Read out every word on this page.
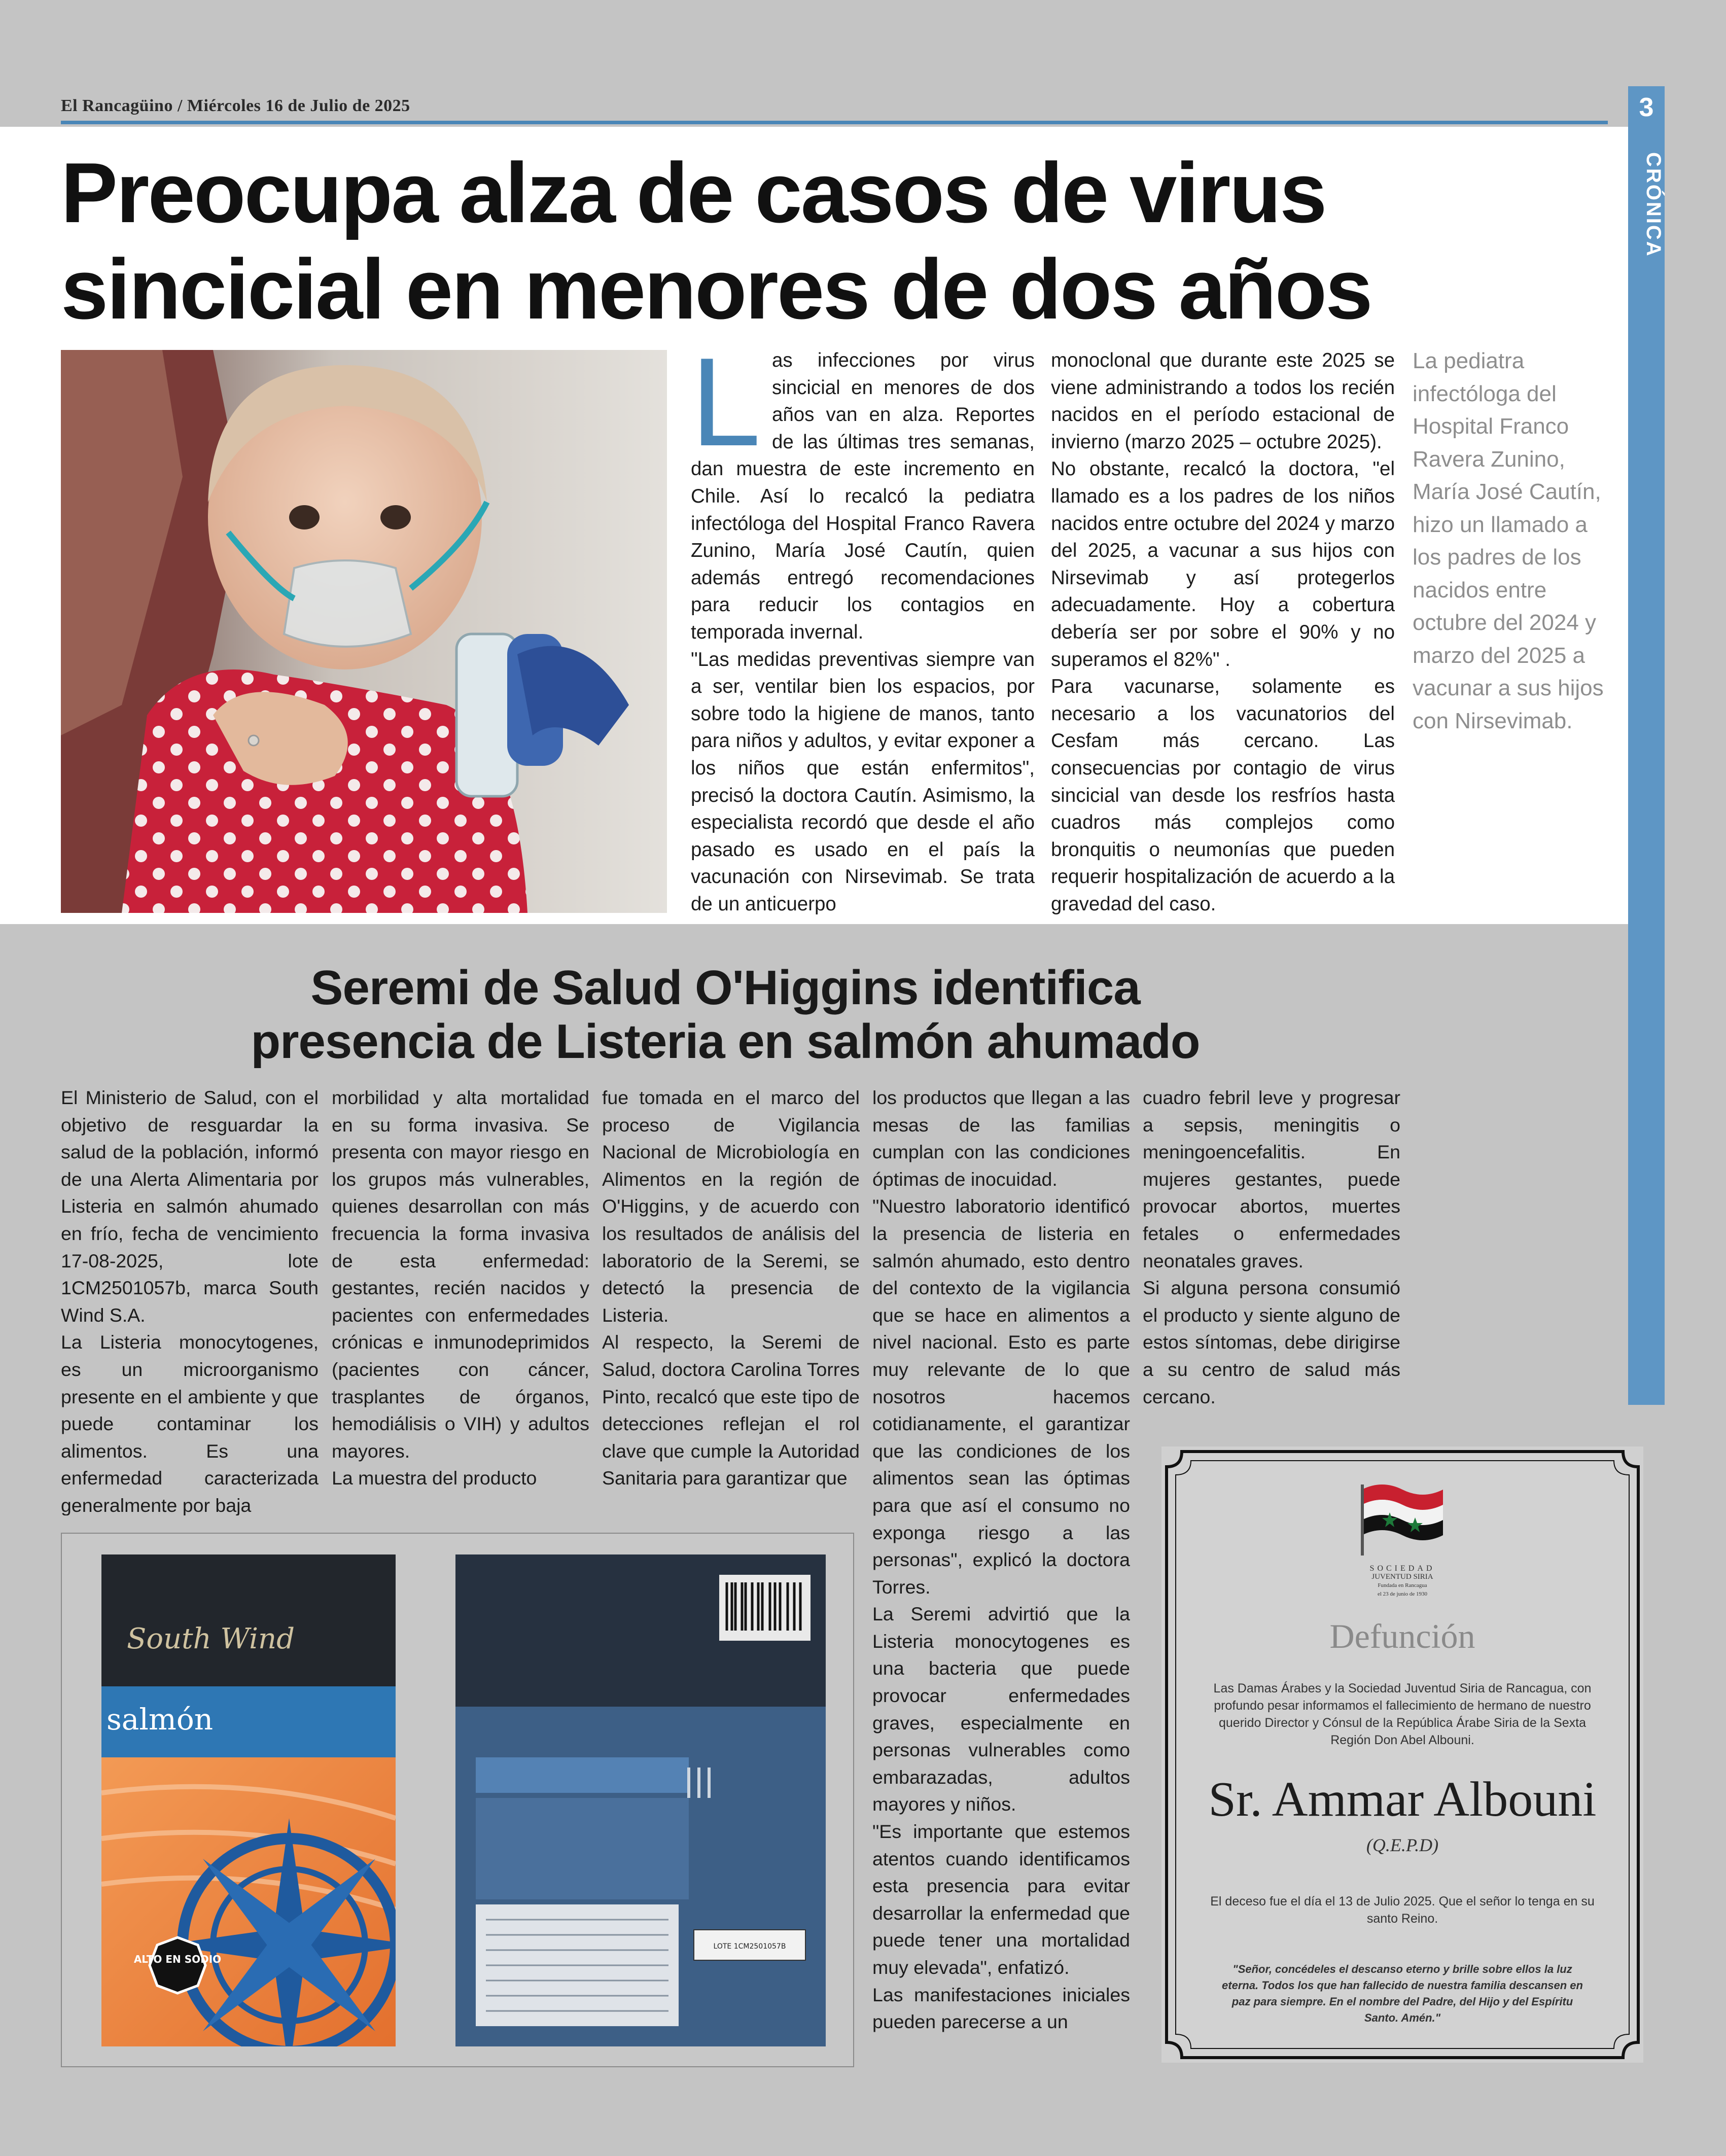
El Rancagüino / Miércoles 16 de Julio de 2025	3
CRÓNICA
Preocupa alza de casos de virus sincicial en menores de dos años
L as infecciones por virus sincicial en menores de dos años van en alza. Reportes de las últimas tres semanas, dan muestra de este incremento en Chile. Así lo recalcó la pediatra infectóloga del Hospital Franco Ravera Zunino, María José Cautín, quien además entregó recomendaciones para reducir los contagios en temporada invernal.

"Las medidas preventivas siempre van a ser, ventilar bien los espacios, por sobre todo la higiene de manos, tanto para niños y adultos, y evitar exponer a los niños que están enfermitos", precisó la doctora Cautín. Asimismo, la especialista recordó que desde el año pasado es usado en el país la vacunación con Nirsevimab. Se trata de un anticuerpo

monoclonal que durante este 2025 se viene administrando a todos los recién nacidos en el período estacional de invierno (marzo 2025 – octubre 2025).

No obstante, recalcó la doctora, "el llamado es a los padres de los niños nacidos entre octubre del 2024 y marzo del 2025, a vacunar a sus hijos con Nirsevimab y así protegerlos adecuadamente. Hoy a cobertura debería ser por sobre el 90% y no superamos el 82%" .

Para vacunarse, solamente es necesario a los vacunatorios del Cesfam más cercano. Las consecuencias por contagio de virus sincicial van desde los resfríos hasta cuadros más complejos como bronquitis o neumonías que pueden requerir hospitalización de acuerdo a la gravedad del caso.

La pediatra infectóloga del Hospital Franco Ravera Zunino, María José Cautín, hizo un llamado a los padres de los nacidos entre octubre del 2024 y marzo del 2025 a vacunar a sus hijos con Nirsevimab.
Seremi de Salud O'Higgins identifica presencia de Listeria en salmón ahumado

El Ministerio de Salud, con el objetivo de resguardar la salud de la población, informó de una Alerta Alimentaria por Listeria en salmón ahumado en frío, fecha de vencimiento 17-08-2025, lote 1CM2501057b, marca South Wind S.A.

La Listeria monocytogenes, es un microorganismo presente en el ambiente y que puede contaminar los alimentos. Es una enfermedad caracterizada generalmente por baja

morbilidad y alta mortalidad en su forma invasiva. Se presenta con mayor riesgo en los grupos más vulnerables, quienes desarrollan con más frecuencia la forma invasiva de esta enfermedad: gestantes, recién nacidos y pacientes con enfermedades crónicas e inmunodeprimidos (pacientes con cáncer, trasplantes de órganos, hemodiálisis o VIH) y adultos mayores.

La muestra del producto

fue tomada en el marco del proceso de Vigilancia Nacional de Microbiología en Alimentos en la región de O'Higgins, y de acuerdo con los resultados de análisis del laboratorio de la Seremi, se detectó la presencia de Listeria.

Al respecto, la Seremi de Salud, doctora Carolina Torres Pinto, recalcó que este tipo de detecciones reflejan el rol clave que cumple la Autoridad Sanitaria para garantizar que

los productos que llegan a las mesas de las familias cumplan con las condiciones óptimas de inocuidad.

"Nuestro laboratorio identificó la presencia de listeria en salmón ahumado, esto dentro del contexto de la vigilancia que se hace en alimentos a nivel nacional. Esto es parte muy relevante de lo que nosotros hacemos cotidianamente, el garantizar que las condiciones de los alimentos sean las óptimas para que así el consumo no exponga riesgo a las personas", explicó la doctora Torres.

La Seremi advirtió que la Listeria monocytogenes es una bacteria que puede provocar enfermedades graves, especialmente en personas vulnerables como embarazadas, adultos mayores y niños.

"Es importante que estemos atentos cuando identificamos esta presencia para evitar desarrollar la enfermedad que puede tener una mortalidad muy elevada", enfatizó.

Las manifestaciones iniciales pueden parecerse a un

cuadro febril leve y progresar a sepsis, meningitis o meningoencefalitis. En mujeres gestantes, puede provocar abortos, muertes fetales o enfermedades neonatales graves.

Si alguna persona consumió el producto y siente alguno de estos síntomas, debe dirigirse a su centro de salud más cercano.

South Wind
salmón
ALTO EN SODIO
LOTE 1CM2501057B
SOCIEDAD
JUVENTUD SIRIA
Fundada en Rancagua
el 23 de junio de 1930
Defunción
Las Damas Árabes y la Sociedad Juventud Siria de Rancagua, con profundo pesar informamos el fallecimiento de hermano de nuestro querido Director y Cónsul de la República Árabe Siria de la Sexta Región Don Abel Albouni.
Sr. Ammar Albouni
(Q.E.P.D)
El deceso fue el día el 13 de Julio 2025. Que el señor lo tenga en su santo Reino.
"Señor, concédeles el descanso eterno y brille sobre ellos la luz eterna. Todos los que han fallecido de nuestra familia descansen en paz para siempre. En el nombre del Padre, del Hijo y del Espíritu Santo. Amén."
